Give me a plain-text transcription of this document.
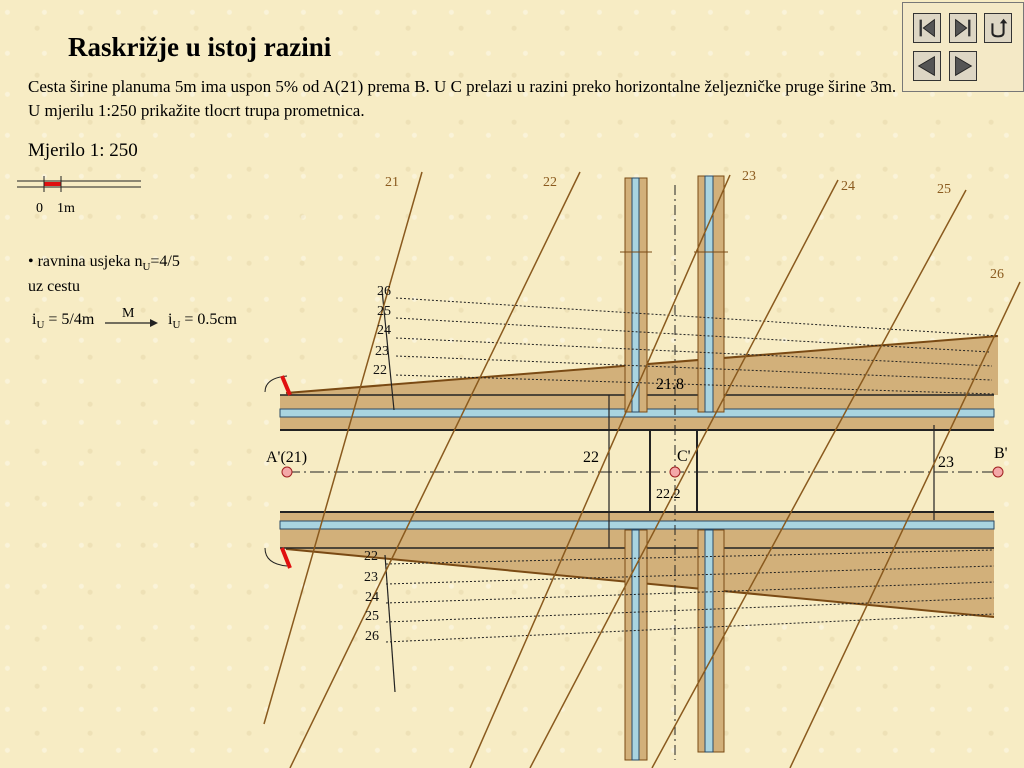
Raskrižje u istoj razini
Cesta širine planuma 5m ima uspon 5% od A(21) prema B. U C prelazi u razini preko horizontalne željezničke pruge širine 3m. U mjerilu 1:250 prikažite tlocrt trupa prometnica.
Mjerilo 1: 250
• ravnina usjeka $n_U=4/5$
uz cestu
$i_U = 5/4m$ M $i_U = 0.5cm$
0 1m
21	22	23
24	25
26
26
25
24
23
22
22
23
24
25
26
A'(21)	B'
C'
21.8
22
22.2
23
